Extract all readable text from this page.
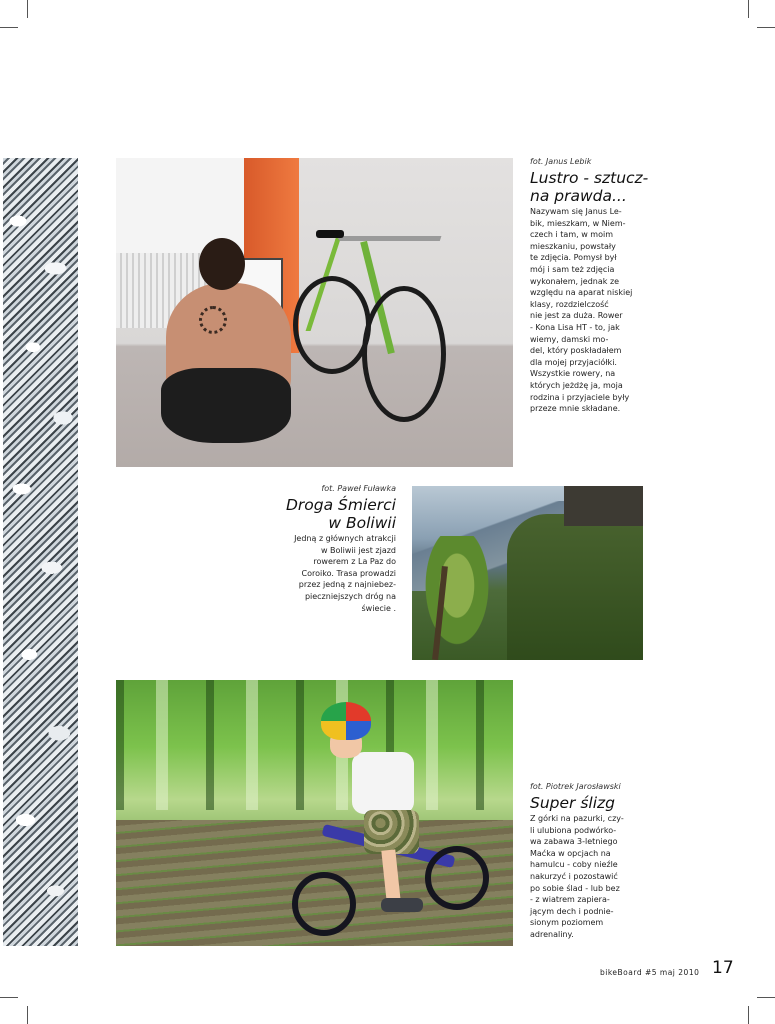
fot. Janus Lebik
Lustro - sztucz-
na prawda...
Nazywam się Janus Le-
bik, mieszkam, w Niem-
czech i tam, w moim
mieszkaniu, powstały
te zdjęcia. Pomysł był
mój i sam też zdjęcia
wykonałem, jednak ze
względu na aparat niskiej
klasy, rozdzielczość
nie jest za duża. Rower
- Kona Lisa HT - to, jak
wiemy, damski mo-
del, który poskładałem
dla mojej przyjaciółki.
Wszystkie rowery, na
których jeżdżę ja, moja
rodzina i przyjaciele były
przeze mnie składane.
fot. Paweł Fuławka
Droga Śmierci
w Boliwii
Jedną z głównych atrakcji
w Boliwii jest zjazd
rowerem z La Paz do
Coroiko. Trasa prowadzi
przez jedną z najniebez-
pieczniejszych dróg na
świecie .
fot. Piotrek Jarosławski
Super ślizg
Z górki na pazurki, czy-
li ulubiona podwórko-
wa zabawa 3-letniego
Maćka w opcjach na
hamulcu - coby nieźle
nakurzyć i pozostawić
po sobie ślad - lub bez
- z wiatrem zapiera-
jącym dech i podnie-
sionym poziomem
adrenaliny.
bikeBoard #5 maj 2010 17
